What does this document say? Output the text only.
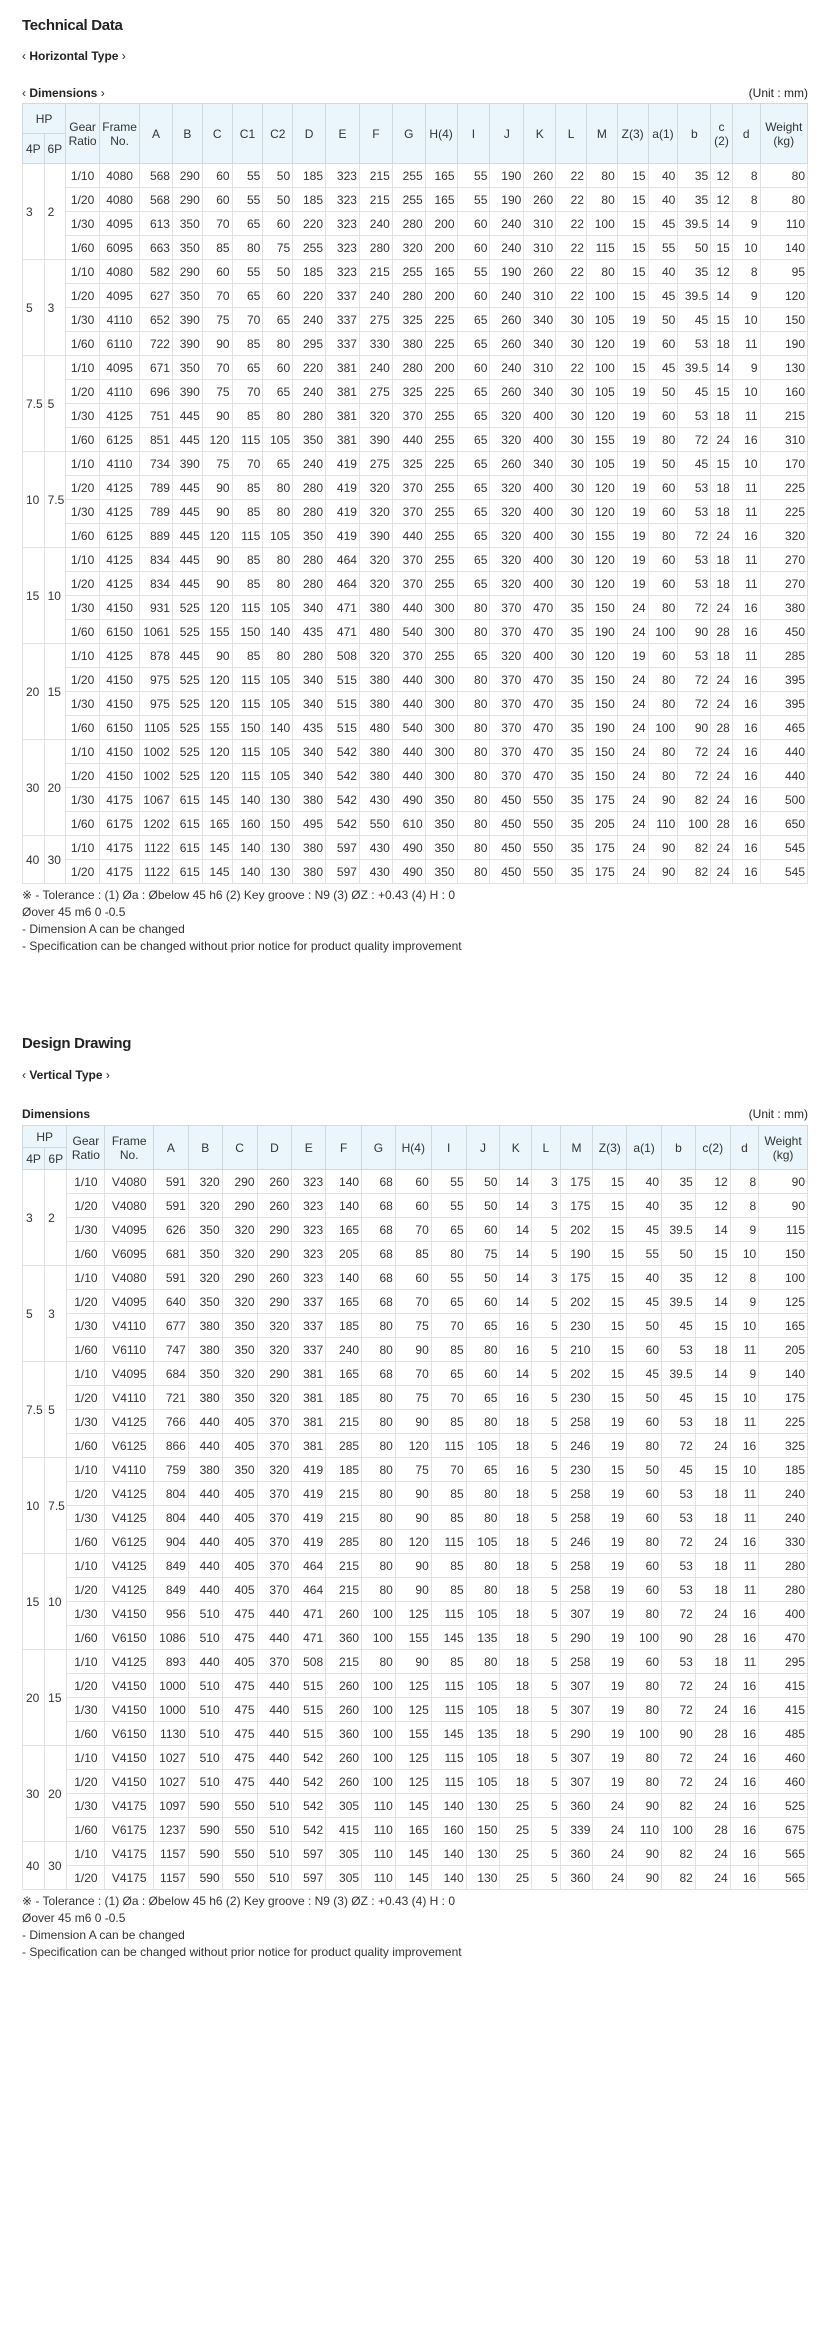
Technical Data
‹ Horizontal Type ›
‹ Dimensions ›	(Unit : mm)
HP		Gear Ratio	Frame No.	A	B	C	C1	C2	D	E	F	G	H(4)	I	J	K	L	M	Z(3)	a(1)	b	c(2)	d	Weight (kg)
4P	6P																							
3	2	1/10	4080	568	290	60	55	50	185	323	215	255	165	55	190	260	22	80	15	40	35	12	8	80
		1/20	4080	568	290	60	55	50	185	323	215	255	165	55	190	260	22	80	15	40	35	12	8	80
		1/30	4095	613	350	70	65	60	220	323	240	280	200	60	240	310	22	100	15	45	39.5	14	9	110
		1/60	6095	663	350	85	80	75	255	323	280	320	200	60	240	310	22	115	15	55	50	15	10	140
5	3	1/10	4080	582	290	60	55	50	185	323	215	255	165	55	190	260	22	80	15	40	35	12	8	95
		1/20	4095	627	350	70	65	60	220	337	240	280	200	60	240	310	22	100	15	45	39.5	14	9	120
		1/30	4110	652	390	75	70	65	240	337	275	325	225	65	260	340	30	105	19	50	45	15	10	150
		1/60	6110	722	390	90	85	80	295	337	330	380	225	65	260	340	30	120	19	60	53	18	11	190
7.5	5	1/10	4095	671	350	70	65	60	220	381	240	280	200	60	240	310	22	100	15	45	39.5	14	9	130
		1/20	4110	696	390	75	70	65	240	381	275	325	225	65	260	340	30	105	19	50	45	15	10	160
		1/30	4125	751	445	90	85	80	280	381	320	370	255	65	320	400	30	120	19	60	53	18	11	215
		1/60	6125	851	445	120	115	105	350	381	390	440	255	65	320	400	30	155	19	80	72	24	16	310
10	7.5	1/10	4110	734	390	75	70	65	240	419	275	325	225	65	260	340	30	105	19	50	45	15	10	170
		1/20	4125	789	445	90	85	80	280	419	320	370	255	65	320	400	30	120	19	60	53	18	11	225
		1/30	4125	789	445	90	85	80	280	419	320	370	255	65	320	400	30	120	19	60	53	18	11	225
		1/60	6125	889	445	120	115	105	350	419	390	440	255	65	320	400	30	155	19	80	72	24	16	320
15	10	1/10	4125	834	445	90	85	80	280	464	320	370	255	65	320	400	30	120	19	60	53	18	11	270
		1/20	4125	834	445	90	85	80	280	464	320	370	255	65	320	400	30	120	19	60	53	18	11	270
		1/30	4150	931	525	120	115	105	340	471	380	440	300	80	370	470	35	150	24	80	72	24	16	380
		1/60	6150	1061	525	155	150	140	435	471	480	540	300	80	370	470	35	190	24	100	90	28	16	450
20	15	1/10	4125	878	445	90	85	80	280	508	320	370	255	65	320	400	30	120	19	60	53	18	11	285
		1/20	4150	975	525	120	115	105	340	515	380	440	300	80	370	470	35	150	24	80	72	24	16	395
		1/30	4150	975	525	120	115	105	340	515	380	440	300	80	370	470	35	150	24	80	72	24	16	395
		1/60	6150	1105	525	155	150	140	435	515	480	540	300	80	370	470	35	190	24	100	90	28	16	465
30	20	1/10	4150	1002	525	120	115	105	340	542	380	440	300	80	370	470	35	150	24	80	72	24	16	440
		1/20	4150	1002	525	120	115	105	340	542	380	440	300	80	370	470	35	150	24	80	72	24	16	440
		1/30	4175	1067	615	145	140	130	380	542	430	490	350	80	450	550	35	175	24	90	82	24	16	500
		1/60	6175	1202	615	165	160	150	495	542	550	610	350	80	450	550	35	205	24	110	100	28	16	650
40	30	1/10	4175	1122	615	145	140	130	380	597	430	490	350	80	450	550	35	175	24	90	82	24	16	545
		1/20	4175	1122	615	145	140	130	380	597	430	490	350	80	450	550	35	175	24	90	82	24	16	545
※ - Tolerance : (1) Øa : Øbelow 45 h6 (2) Key groove : N9 (3) ØZ : +0.43 (4) H : 0
Øover 45 m6 0 -0.5
- Dimension A can be changed
- Specification can be changed without prior notice for product quality improvement
Design Drawing
‹ Vertical Type ›
Dimensions	(Unit : mm)
HP		Gear Ratio	Frame No.	A	B	C	D	E	F	G	H(4)	I	J	K	L	M	Z(3)	a(1)	b	c(2)	d	Weight (kg)
4P	6P																					
3	2	1/10	V4080	591	320	290	260	323	140	68	60	55	50	14	3	175	15	40	35	12	8	90
		1/20	V4080	591	320	290	260	323	140	68	60	55	50	14	3	175	15	40	35	12	8	90
		1/30	V4095	626	350	320	290	323	165	68	70	65	60	14	5	202	15	45	39.5	14	9	115
		1/60	V6095	681	350	320	290	323	205	68	85	80	75	14	5	190	15	55	50	15	10	150
5	3	1/10	V4080	591	320	290	260	323	140	68	60	55	50	14	3	175	15	40	35	12	8	100
		1/20	V4095	640	350	320	290	337	165	68	70	65	60	14	5	202	15	45	39.5	14	9	125
		1/30	V4110	677	380	350	320	337	185	80	75	70	65	16	5	230	15	50	45	15	10	165
		1/60	V6110	747	380	350	320	337	240	80	90	85	80	16	5	210	15	60	53	18	11	205
7.5	5	1/10	V4095	684	350	320	290	381	165	68	70	65	60	14	5	202	15	45	39.5	14	9	140
		1/20	V4110	721	380	350	320	381	185	80	75	70	65	16	5	230	15	50	45	15	10	175
		1/30	V4125	766	440	405	370	381	215	80	90	85	80	18	5	258	19	60	53	18	11	225
		1/60	V6125	866	440	405	370	381	285	80	120	115	105	18	5	246	19	80	72	24	16	325
10	7.5	1/10	V4110	759	380	350	320	419	185	80	75	70	65	16	5	230	15	50	45	15	10	185
		1/20	V4125	804	440	405	370	419	215	80	90	85	80	18	5	258	19	60	53	18	11	240
		1/30	V4125	804	440	405	370	419	215	80	90	85	80	18	5	258	19	60	53	18	11	240
		1/60	V6125	904	440	405	370	419	285	80	120	115	105	18	5	246	19	80	72	24	16	330
15	10	1/10	V4125	849	440	405	370	464	215	80	90	85	80	18	5	258	19	60	53	18	11	280
		1/20	V4125	849	440	405	370	464	215	80	90	85	80	18	5	258	19	60	53	18	11	280
		1/30	V4150	956	510	475	440	471	260	100	125	115	105	18	5	307	19	80	72	24	16	400
		1/60	V6150	1086	510	475	440	471	360	100	155	145	135	18	5	290	19	100	90	28	16	470
20	15	1/10	V4125	893	440	405	370	508	215	80	90	85	80	18	5	258	19	60	53	18	11	295
		1/20	V4150	1000	510	475	440	515	260	100	125	115	105	18	5	307	19	80	72	24	16	415
		1/30	V4150	1000	510	475	440	515	260	100	125	115	105	18	5	307	19	80	72	24	16	415
		1/60	V6150	1130	510	475	440	515	360	100	155	145	135	18	5	290	19	100	90	28	16	485
30	20	1/10	V4150	1027	510	475	440	542	260	100	125	115	105	18	5	307	19	80	72	24	16	460
		1/20	V4150	1027	510	475	440	542	260	100	125	115	105	18	5	307	19	80	72	24	16	460
		1/30	V4175	1097	590	550	510	542	305	110	145	140	130	25	5	360	24	90	82	24	16	525
		1/60	V6175	1237	590	550	510	542	415	110	165	160	150	25	5	339	24	110	100	28	16	675
40	30	1/10	V4175	1157	590	550	510	597	305	110	145	140	130	25	5	360	24	90	82	24	16	565
		1/20	V4175	1157	590	550	510	597	305	110	145	140	130	25	5	360	24	90	82	24	16	565
※ - Tolerance : (1) Øa : Øbelow 45 h6 (2) Key groove : N9 (3) ØZ : +0.43 (4) H : 0
Øover 45 m6 0 -0.5
- Dimension A can be changed
- Specification can be changed without prior notice for product quality improvement
